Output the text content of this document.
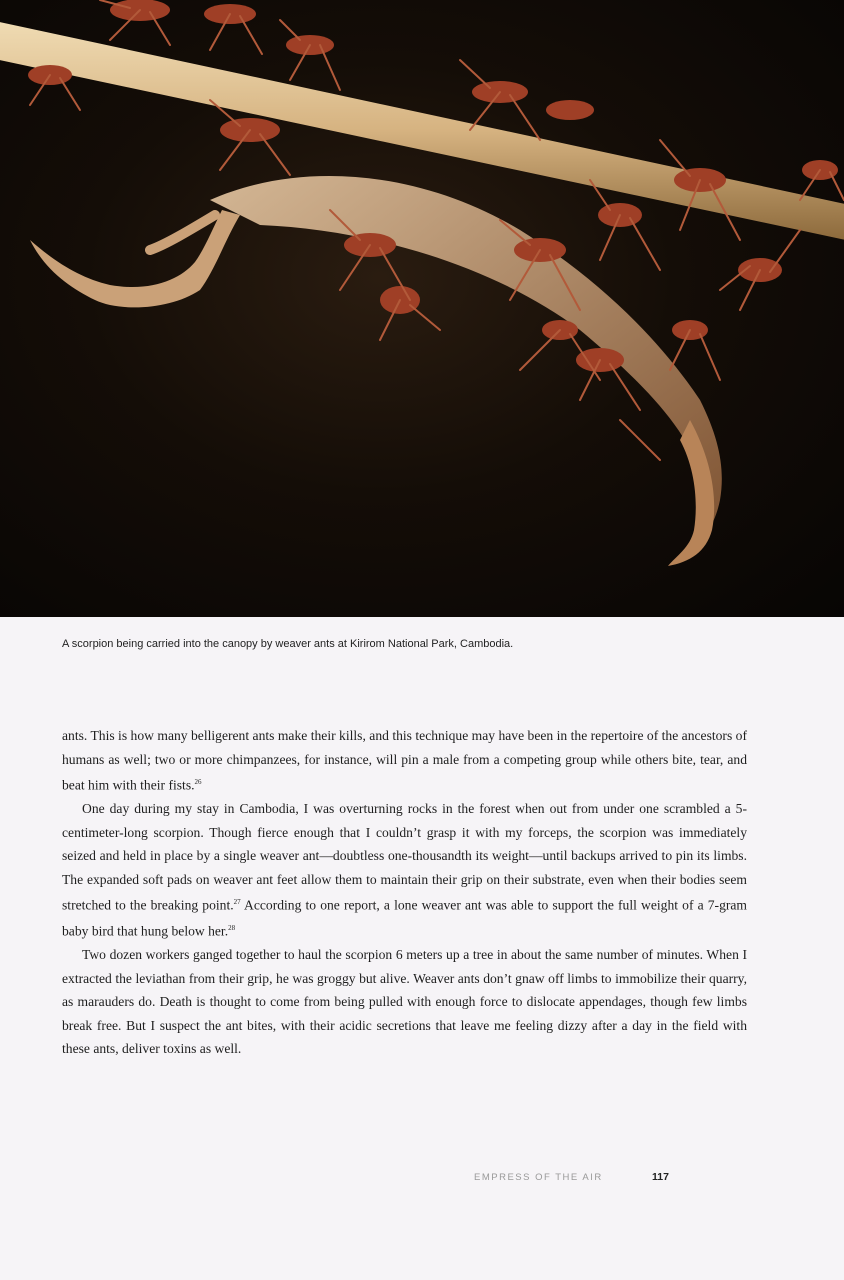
A scorpion being carried into the canopy by weaver ants at Kirirom National Park, Cambodia.

ants. This is how many belligerent ants make their kills, and this technique may have been in the repertoire of the ancestors of humans as well; two or more chimpanzees, for instance, will pin a male from a competing group while others bite, tear, and beat him with their fists.$^{26}$

One day during my stay in Cambodia, I was overturning rocks in the forest when out from under one scrambled a 5-centimeter-long scorpion. Though fierce enough that I couldn’t grasp it with my forceps, the scorpion was immediately seized and held in place by a single weaver ant—doubtless one-thousandth its weight—until backups arrived to pin its limbs. The expanded soft pads on weaver ant feet allow them to maintain their grip on their substrate, even when their bodies seem stretched to the breaking point.$^{27}$ According to one report, a lone weaver ant was able to support the full weight of a 7-gram baby bird that hung below her.$^{28}$

Two dozen workers ganged together to haul the scorpion 6 meters up a tree in about the same number of minutes. When I extracted the leviathan from their grip, he was groggy but alive. Weaver ants don’t gnaw off limbs to immobilize their quarry, as marauders do. Death is thought to come from being pulled with enough force to dislocate appendages, though few limbs break free. But I suspect the ant bites, with their acidic secretions that leave me feeling dizzy after a day in the field with these ants, deliver toxins as well.

EMPRESS OF THE AIR	117
